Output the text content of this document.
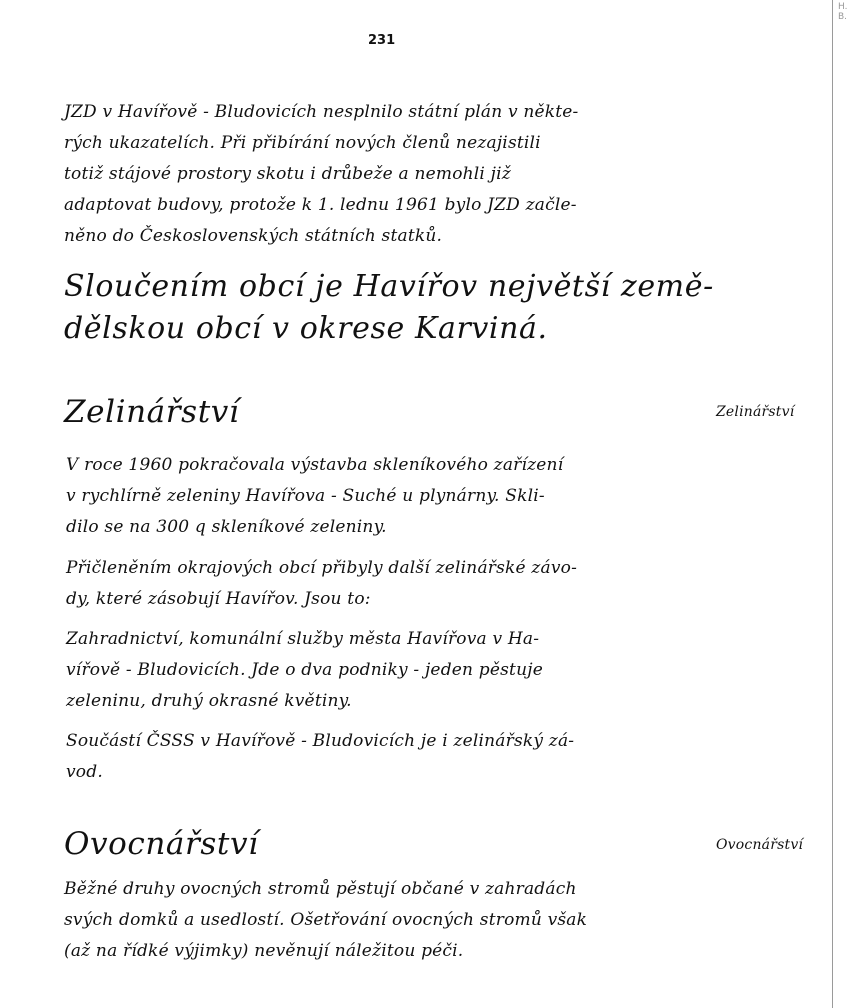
H.B.
231
JZD v Havířově - Bludovicích nesplnilo státní plán v někte-
rých ukazatelích. Při přibírání nových členů nezajistili
totiž stájové prostory skotu i drůbeže a nemohli již
adaptovat budovy, protože k 1. lednu 1961 bylo JZD začle-
něno do Československých státních statků.
Sloučením obcí je Havířov největší země-
dělskou obcí v okrese Karviná.
Zelinářství	Zelinářství
V roce 1960 pokračovala výstavba skleníkového zařízení
v rychlírně zeleniny Havířova - Suché u plynárny. Skli-
dilo se na 300 q skleníkové zeleniny.
Přičleněním okrajových obcí přibyly další zelinářské závo-
dy, které zásobují Havířov. Jsou to:
Zahradnictví, komunální služby města Havířova v Ha-
vířově - Bludovicích. Jde o dva podniky - jeden pěstuje
zeleninu, druhý okrasné květiny.
Součástí ČSSS v Havířově - Bludovicích je i zelinářský zá-
vod.
Ovocnářství	Ovocnářství
Běžné druhy ovocných stromů pěstují občané v zahradách
svých domků a usedlostí. Ošetřování ovocných stromů však
(až na řídké výjimky) nevěnují náležitou péči.
